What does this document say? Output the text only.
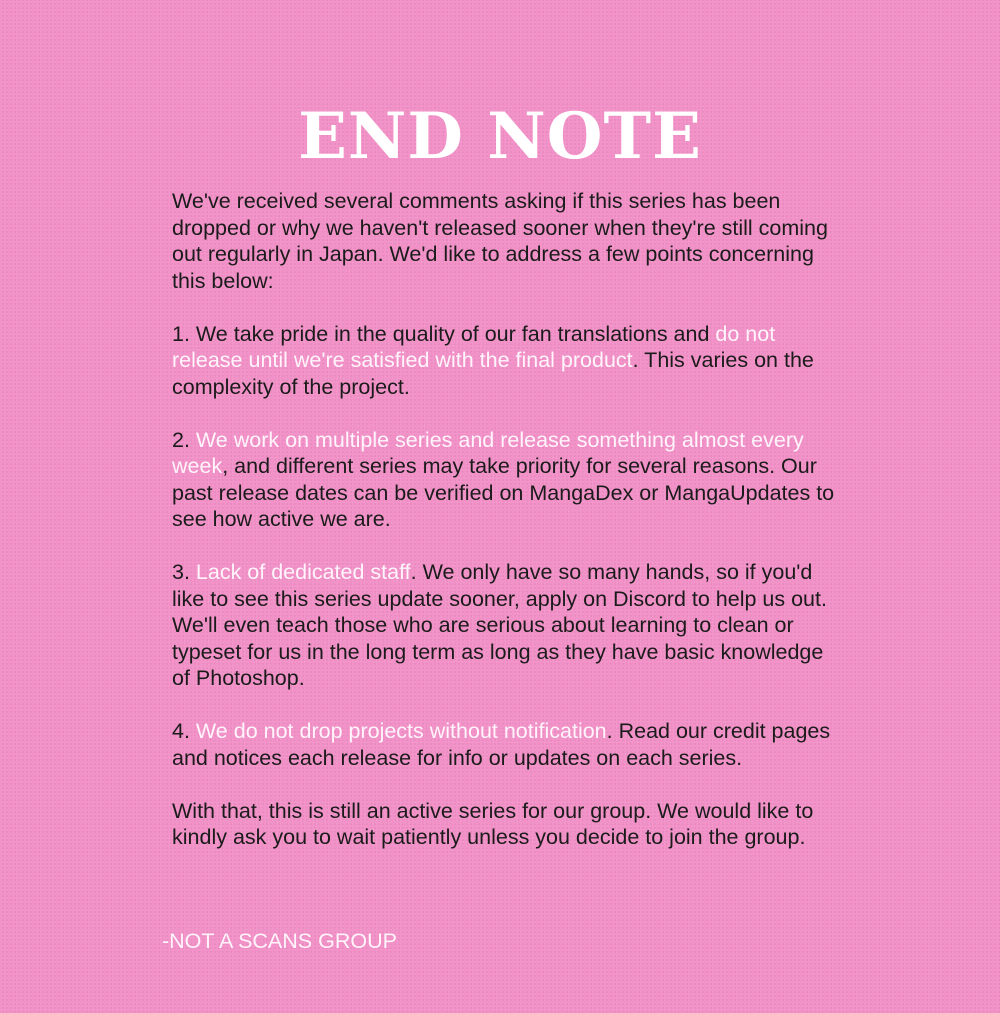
END NOTE

We've received several comments asking if this series has been dropped or why we haven't released sooner when they're still coming out regularly in Japan. We'd like to address a few points concerning this below:

1. We take pride in the quality of our fan translations and do not release until we're satisfied with the final product. This varies on the complexity of the project.

2. We work on multiple series and release something almost every week, and different series may take priority for several reasons. Our past release dates can be verified on MangaDex or MangaUpdates to see how active we are.

3. Lack of dedicated staff. We only have so many hands, so if you'd like to see this series update sooner, apply on Discord to help us out. We'll even teach those who are serious about learning to clean or typeset for us in the long term as long as they have basic knowledge of Photoshop.

4. We do not drop projects without notification. Read our credit pages and notices each release for info or updates on each series.

With that, this is still an active series for our group. We would like to kindly ask you to wait patiently unless you decide to join the group.

-NOT A SCANS GROUP
